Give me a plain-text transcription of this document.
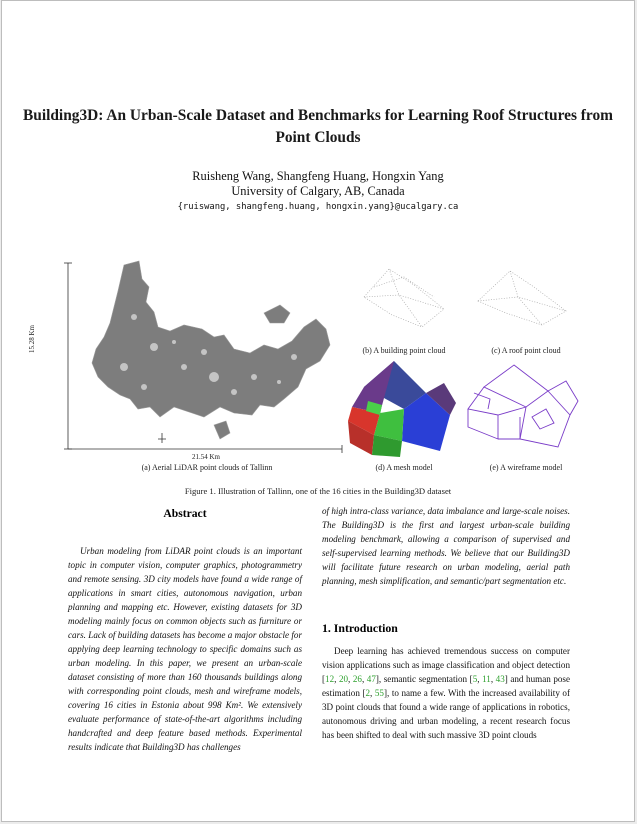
Building3D: An Urban-Scale Dataset and Benchmarks for Learning Roof Structures from Point Clouds
Ruisheng Wang, Shangfeng Huang, Hongxin Yang
University of Calgary, AB, Canada
{ruiswang, shangfeng.huang, hongxin.yang}@ucalgary.ca
15.28 Km
21.54 Km
(a) Aerial LiDAR point clouds of Tallinn
(b) A building point cloud	(c) A roof point cloud
(d) A mesh model	(e) A wireframe model
Figure 1. Illustration of Tallinn, one of the 16 cities in the Building3D dataset
Abstract
Urban modeling from LiDAR point clouds is an important topic in computer vision, computer graphics, photogrammetry and remote sensing. 3D city models have found a wide range of applications in smart cities, autonomous navigation, urban planning and mapping etc. However, existing datasets for 3D modeling mainly focus on common objects such as furniture or cars. Lack of building datasets has become a major obstacle for applying deep learning technology to specific domains such as urban modeling. In this paper, we present an urban-scale dataset consisting of more than 160 thousands buildings along with corresponding point clouds, mesh and wireframe models, covering 16 cities in Estonia about 998 Km². We extensively evaluate performance of state-of-the-art algorithms including handcrafted and deep feature based methods. Experimental results indicate that Building3D has challenges
of high intra-class variance, data imbalance and large-scale noises. The Building3D is the first and largest urban-scale building modeling benchmark, allowing a comparison of supervised and self-supervised learning methods. We believe that our Building3D will facilitate future research on urban modeling, aerial path planning, mesh simplification, and semantic/part segmentation etc.
1. Introduction
Deep learning has achieved tremendous success on computer vision applications such as image classification and object detection [12, 20, 26, 47], semantic segmentation [5, 11, 43] and human pose estimation [2, 55], to name a few. With the increased availability of 3D point clouds that found a wide range of applications in robotics, autonomous driving and urban modeling, a recent research focus has been shifted to deal with such massive 3D point clouds
